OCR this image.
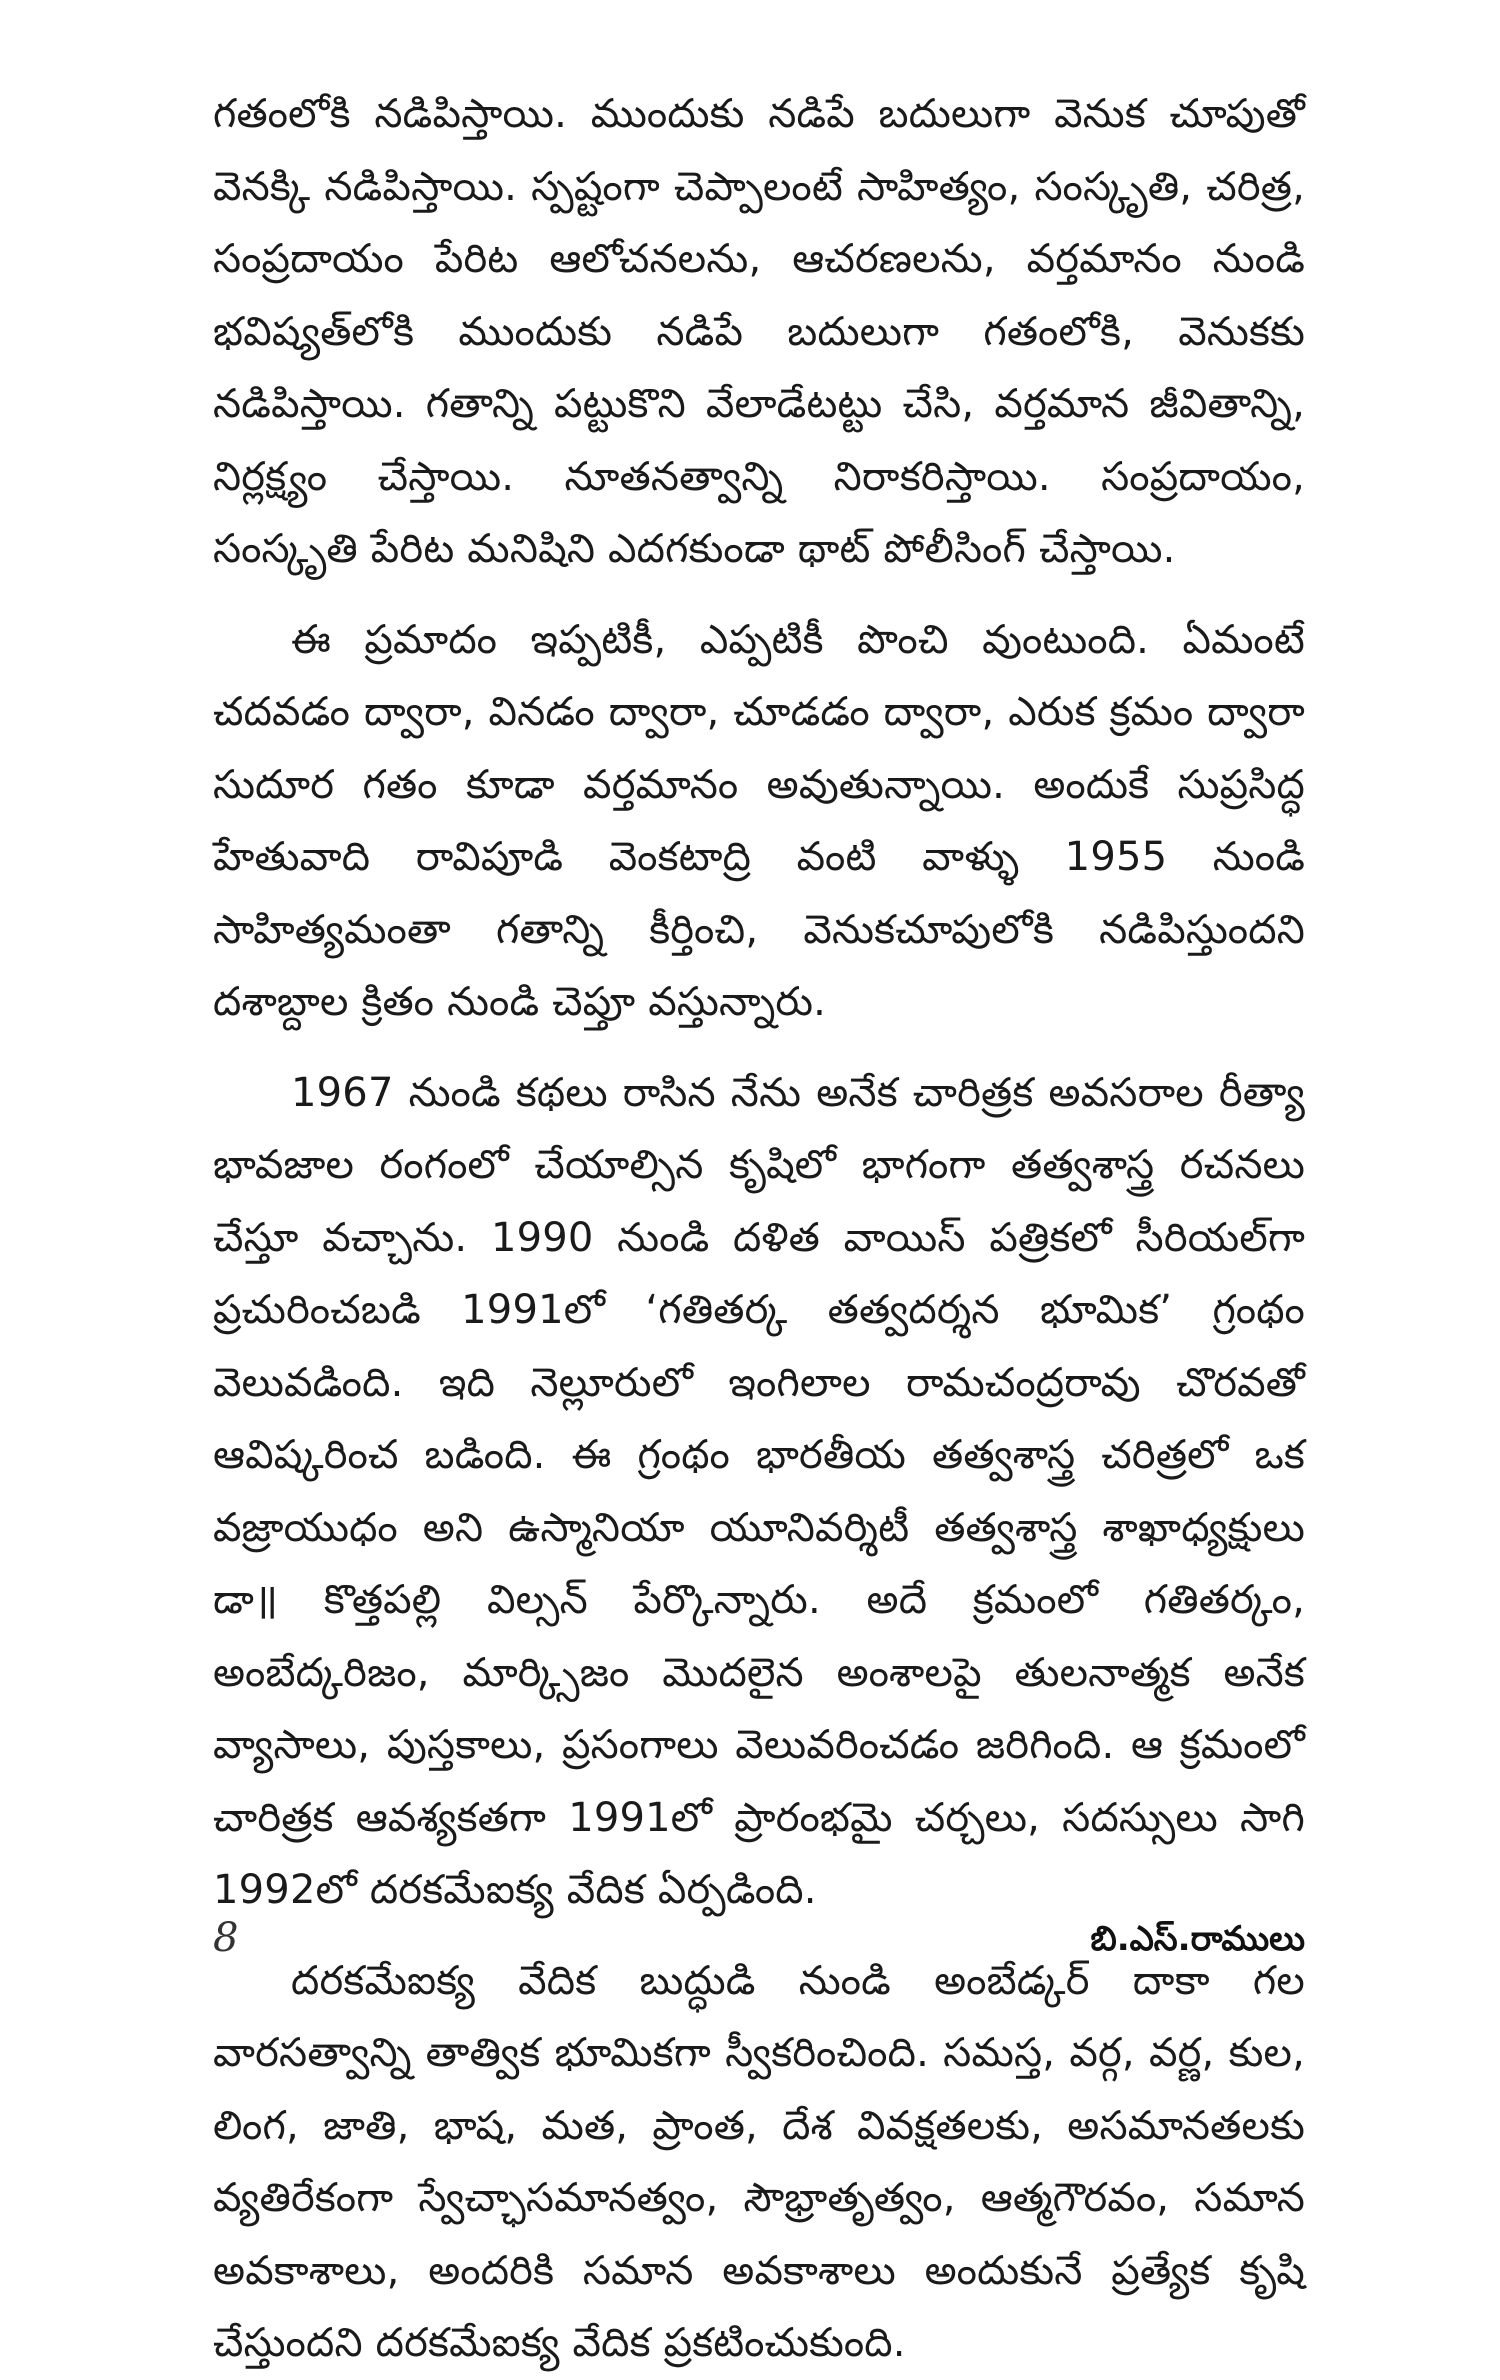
గతంలోకి నడిపిస్తాయి. ముందుకు నడిపే బదులుగా వెనుక చూపుతో వెనక్కి నడిపిస్తాయి. స్పష్టంగా చెప్పాలంటే సాహిత్యం, సంస్కృతి, చరిత్ర, సంప్రదాయం పేరిట ఆలోచనలను, ఆచరణలను, వర్తమానం నుండి భవిష్యత్‌లోకి ముందుకు నడిపే బదులుగా గతంలోకి, వెనుకకు నడిపిస్తాయి. గతాన్ని పట్టుకొని వేలాడేటట్టు చేసి, వర్తమాన జీవితాన్ని, నిర్లక్ష్యం చేస్తాయి. నూతనత్వాన్ని నిరాకరిస్తాయి. సంప్రదాయం, సంస్కృతి పేరిట మనిషిని ఎదగకుండా థాట్ పోలీసింగ్ చేస్తాయి.

ఈ ప్రమాదం ఇప్పటికీ, ఎప్పటికీ పొంచి వుంటుంది. ఏమంటే చదవడం ద్వారా, వినడం ద్వారా, చూడడం ద్వారా, ఎరుక క్రమం ద్వారా సుదూర గతం కూడా వర్తమానం అవుతున్నాయి. అందుకే సుప్రసిద్ధ హేతువాది రావిపూడి వెంకటాద్రి వంటి వాళ్ళు 1955 నుండి సాహిత్యమంతా గతాన్ని కీర్తించి, వెనుకచూపులోకి నడిపిస్తుందని దశాబ్దాల క్రితం నుండి చెప్తూ వస్తున్నారు.

1967 నుండి కథలు రాసిన నేను అనేక చారిత్రక అవసరాల రీత్యా భావజాల రంగంలో చేయాల్సిన కృషిలో భాగంగా తత్వశాస్త్ర రచనలు చేస్తూ వచ్చాను. 1990 నుండి దళిత వాయిస్ పత్రికలో సీరియల్‌గా ప్రచురించబడి 1991లో ‘గతితర్క తత్వదర్శన భూమిక’ గ్రంథం వెలువడింది. ఇది నెల్లూరులో ఇంగిలాల రామచంద్రరావు చొరవతో ఆవిష్కరించ బడింది. ఈ గ్రంథం భారతీయ తత్వశాస్త్ర చరిత్రలో ఒక వజ్రాయుధం అని ఉస్మానియా యూనివర్శిటీ తత్వశాస్త్ర శాఖాధ్యక్షులు డా॥ కొత్తపల్లి విల్సన్ పేర్కొన్నారు. అదే క్రమంలో గతితర్కం, అంబేద్కరిజం, మార్క్సిజం మొదలైన అంశాలపై తులనాత్మక అనేక వ్యాసాలు, పుస్తకాలు, ప్రసంగాలు వెలువరించడం జరిగింది. ఆ క్రమంలో చారిత్రక ఆవశ్యకతగా 1991లో ప్రారంభమై చర్చలు, సదస్సులు సాగి 1992లో దరకమేఐక్య వేదిక ఏర్పడింది.

దరకమేఐక్య వేదిక బుద్ధుడి నుండి అంబేడ్కర్ దాకా గల వారసత్వాన్ని తాత్విక భూమికగా స్వీకరించింది. సమస్త, వర్గ, వర్ణ, కుల, లింగ, జాతి, భాష, మత, ప్రాంత, దేశ వివక్షతలకు, అసమానతలకు వ్యతిరేకంగా స్వేచ్ఛాసమానత్వం, సౌభ్రాతృత్వం, ఆత్మగౌరవం, సమాన అవకాశాలు, అందరికి సమాన అవకాశాలు అందుకునే ప్రత్యేక కృషి చేస్తుందని దరకమేఐక్య వేదిక ప్రకటించుకుంది.

8	బి.ఎస్.రాములు
